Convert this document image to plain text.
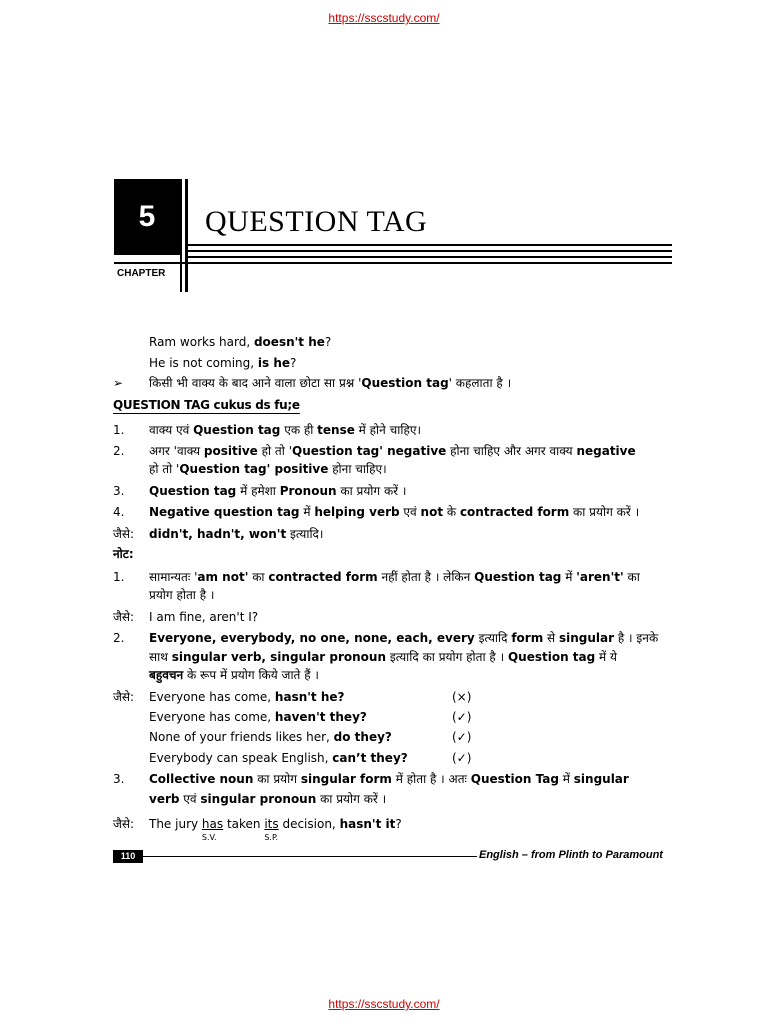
https://sscstudy.com/
5 QUESTION TAG
CHAPTER
Ram works hard, doesn't he?
He is not coming, is he?
➢ किसी भी वाक्य के बाद आने वाला छोटा सा प्रश्न 'Question tag' कहलाता है ।
QUESTION TAG cukus ds fu;e
1. वाक्य एवं Question tag एक ही tense में होने चाहिए।
2. अगर 'वाक्य positive हो तो 'Question tag' negative होना चाहिए और अगर वाक्य negative
हो तो 'Question tag' positive होना चाहिए।
3. Question tag में हमेशा Pronoun का प्रयोग करें ।
4. Negative question tag में helping verb एवं not के contracted form का प्रयोग करें ।
जैसे: didn't, hadn't, won't इत्यादि।
नोट:
1. सामान्यतः 'am not' का contracted form नहीं होता है । लेकिन Question tag में 'aren't' का
प्रयोग होता है ।
जैसे: I am fine, aren't I?
2. Everyone, everybody, no one, none, each, every इत्यादि form से singular है । इनके
साथ singular verb, singular pronoun इत्यादि का प्रयोग होता है । Question tag में ये
बहुवचन के रूप में प्रयोग किये जाते हैं ।
जैसे: Everyone has come, hasn't he?	(×)
Everyone has come, haven't they?	(✓)
None of your friends likes her, do they?	(✓)
Everybody can speak English, can’t they?	(✓)
3. Collective noun का प्रयोग singular form में होता है । अतः Question Tag में singular
verb एवं singular pronoun का प्रयोग करें ।
जैसे: The jury has
S.V.
taken its
S.P.
decision, hasn't it?
110	English – from Plinth to Paramount
https://sscstudy.com/
